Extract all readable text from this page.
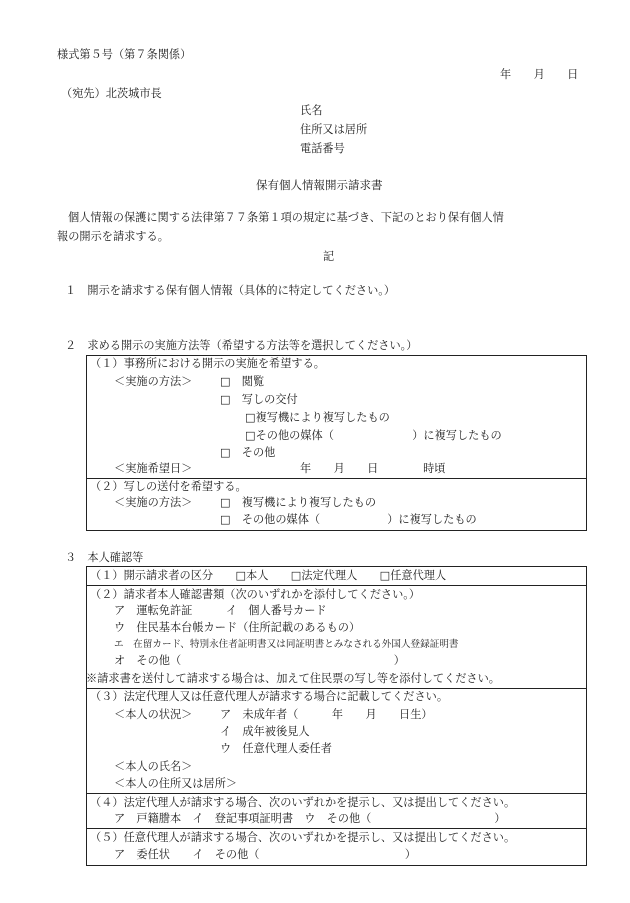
様式第５号（第７条関係）
年　　月　　日
（宛先）北茨城市長
氏名
住所又は居所
電話番号
保有個人情報開示請求書
個人情報の保護に関する法律第７７条第１項の規定に基づき、下記のとおり保有個人情
報の開示を請求する。
記
１　開示を請求する保有個人情報（具体的に特定してください。）
２　求める開示の実施方法等（希望する方法等を選択してください。）
（１）事務所における開示の実施を希望する。
＜実施の方法＞ □　閲覧
□　写しの交付
□複写機により複写したもの
□その他の媒体（　　　　　　　）に複写したもの
□　その他
＜実施希望日＞	年　　月　　日　　　　時頃
（２）写しの送付を希望する。
＜実施の方法＞ □　複写機により複写したもの
□　その他の媒体（　　　　　　）に複写したもの
３　本人確認等
（１）開示請求者の区分　　□本人　　□法定代理人　　□任意代理人
（２）請求者本人確認書類（次のいずれかを添付してください。）
ア　運転免許証　　　イ　個人番号カード
ウ　住民基本台帳カード（住所記載のあるもの）
エ　在留カード、特別永住者証明書又は同証明書とみなされる外国人登録証明書
オ　その他（　　　　　　　　　　　　　　　　　　　）
※請求書を送付して請求する場合は、加えて住民票の写し等を添付してください。
（３）法定代理人又は任意代理人が請求する場合に記載してください。
＜本人の状況＞ ア　未成年者（　　　年　　月　　日生）
イ　成年被後見人
ウ　任意代理人委任者
＜本人の氏名＞
＜本人の住所又は居所＞
（４）法定代理人が請求する場合、次のいずれかを提示し、又は提出してください。
ア　戸籍謄本　イ　登記事項証明書　ウ　その他（　　　　　　　　　　　）
（５）任意代理人が請求する場合、次のいずれかを提示し、又は提出してください。
ア　委任状　　イ　その他（　　　　　　　　　　　　　）
